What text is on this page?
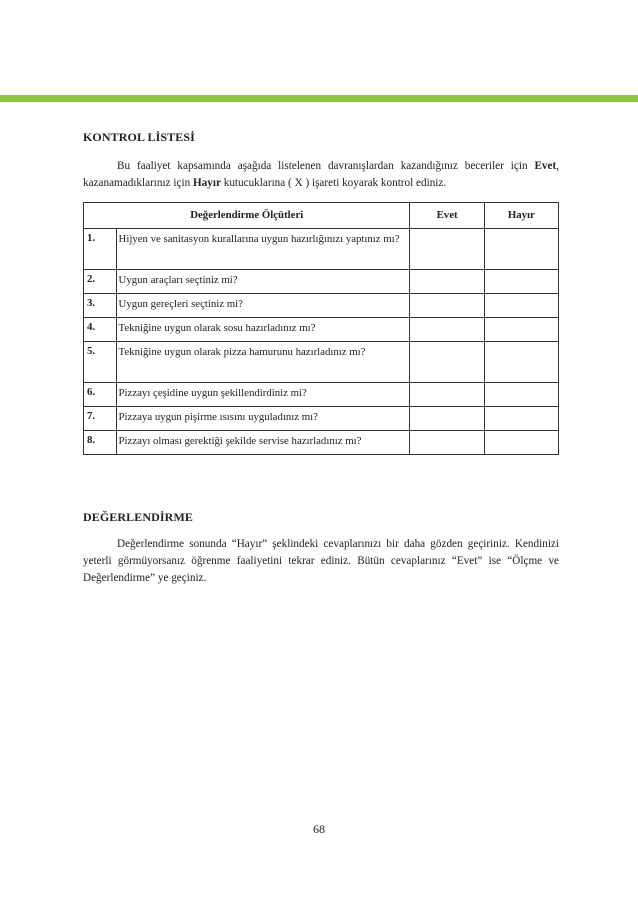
KONTROL LİSTESİ

Bu faaliyet kapsamında aşağıda listelenen davranışlardan kazandığınız beceriler için Evet, kazanamadıklarınız için Hayır kutucuklarına ( X ) işareti koyarak kontrol ediniz.

Değerlendirme Ölçütleri		Evet	Hayır
1.	Hijyen ve sanitasyon kurallarına uygun hazırlığınızı yaptınız mı?		
2.	Uygun araçları seçtiniz mi?		
3.	Uygun gereçleri seçtiniz mi?		
4.	Tekniğine uygun olarak sosu hazırladınız mı?		
5.	Tekniğine uygun olarak pizza hamurunu hazırladınız mı?		
6.	Pizzayı çeşidine uygun şekillendirdiniz mi?		
7.	Pizzaya uygun pişirme ısısını uyguladınız mı?		
8.	Pizzayı olması gerektiği şekilde servise hazırladınız mı?		
DEĞERLENDİRME

Değerlendirme sonunda “Hayır” şeklindeki cevaplarınızı bir daha gözden geçiriniz. Kendinizi yeterli görmüyorsanız öğrenme faaliyetini tekrar ediniz. Bütün cevaplarınız “Evet” ise “Ölçme ve Değerlendirme” ye geçiniz.

68
